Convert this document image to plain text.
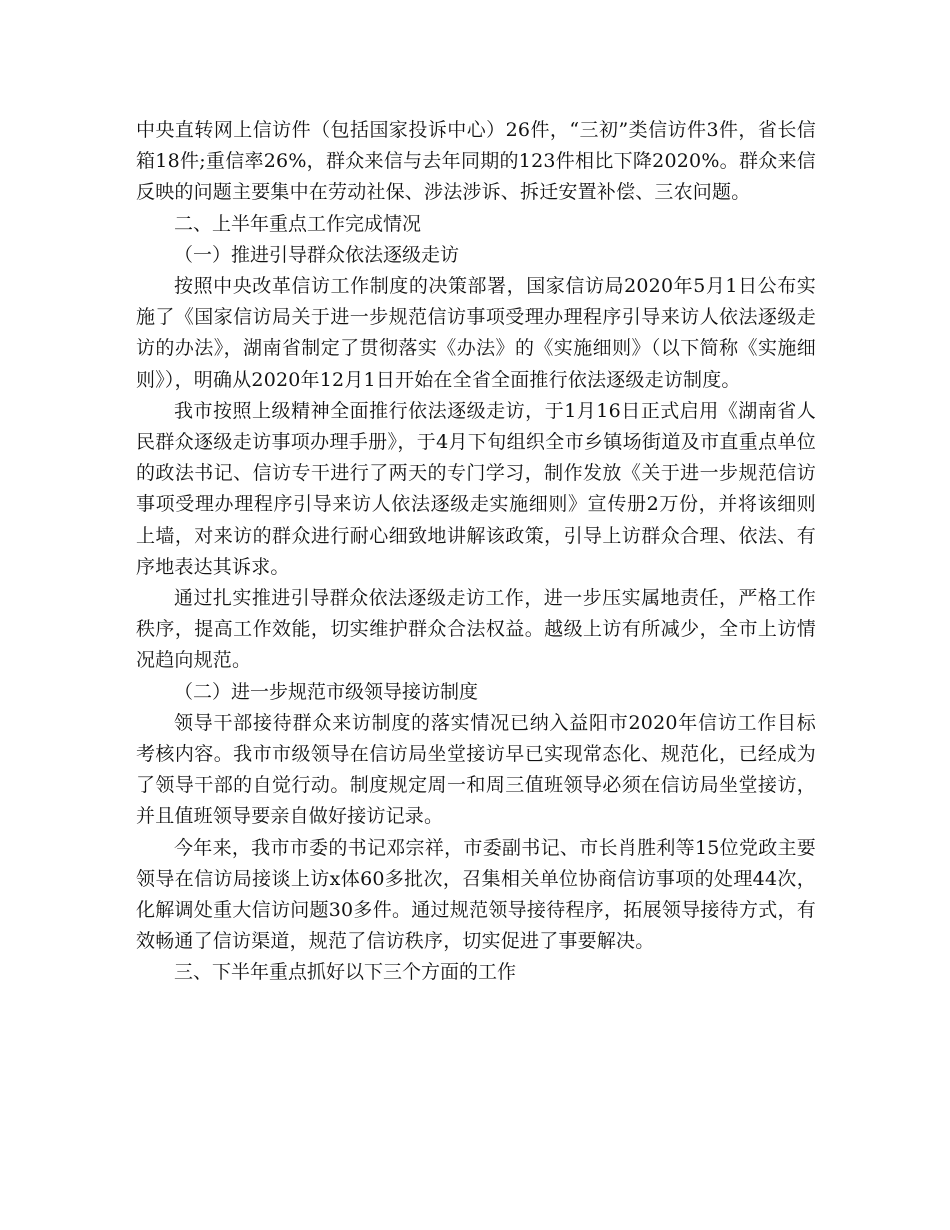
中央直转网上信访件（包括国家投诉中心）26件，“三初”类信访件3件，省长信箱18件;重信率26%，群众来信与去年同期的123件相比下降2020%。群众来信反映的问题主要集中在劳动社保、涉法涉诉、拆迁安置补偿、三农问题。

二、上半年重点工作完成情况

（一）推进引导群众依法逐级走访

按照中央改革信访工作制度的决策部署，国家信访局2020年5月1日公布实施了《国家信访局关于进一步规范信访事项受理办理程序引导来访人依法逐级走访的办法》，湖南省制定了贯彻落实《办法》的《实施细则》（以下简称《实施细则》），明确从2020年12月1日开始在全省全面推行依法逐级走访制度。

我市按照上级精神全面推行依法逐级走访，于1月16日正式启用《湖南省人民群众逐级走访事项办理手册》，于4月下旬组织全市乡镇场街道及市直重点单位的政法书记、信访专干进行了两天的专门学习，制作发放《关于进一步规范信访事项受理办理程序引导来访人依法逐级走实施细则》宣传册2万份，并将该细则上墙，对来访的群众进行耐心细致地讲解该政策，引导上访群众合理、依法、有序地表达其诉求。

通过扎实推进引导群众依法逐级走访工作，进一步压实属地责任，严格工作秩序，提高工作效能，切实维护群众合法权益。越级上访有所减少，全市上访情况趋向规范。

（二）进一步规范市级领导接访制度

领导干部接待群众来访制度的落实情况已纳入益阳市2020年信访工作目标考核内容。我市市级领导在信访局坐堂接访早已实现常态化、规范化，已经成为了领导干部的自觉行动。制度规定周一和周三值班领导必须在信访局坐堂接访，并且值班领导要亲自做好接访记录。

今年来，我市市委的书记邓宗祥，市委副书记、市长肖胜利等15位党政主要领导在信访局接谈上访x体60多批次，召集相关单位协商信访事项的处理44次，化解调处重大信访问题30多件。通过规范领导接待程序，拓展领导接待方式，有效畅通了信访渠道，规范了信访秩序，切实促进了事要解决。

三、下半年重点抓好以下三个方面的工作
